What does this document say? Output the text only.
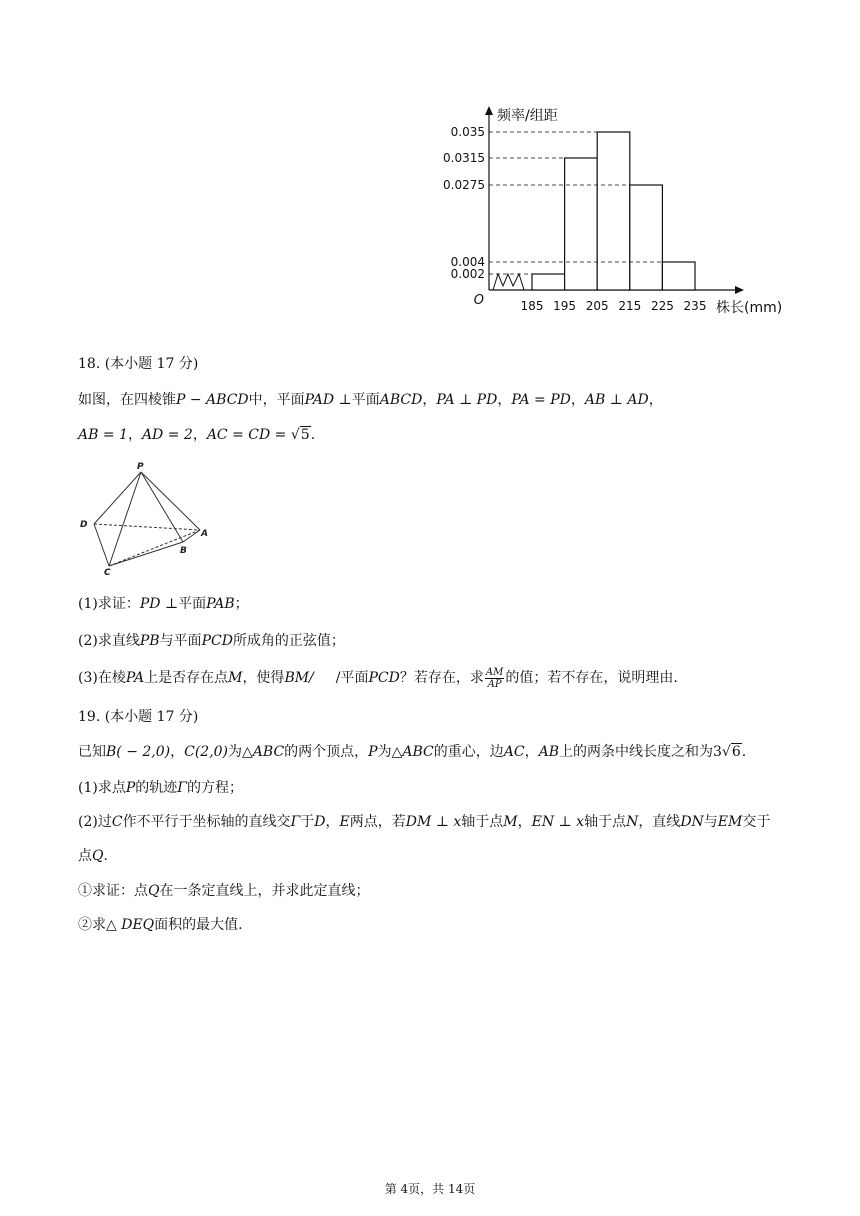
频率/组距
O	株长(mm)
0.035
0.0315
0.0275
0.004
0.002
185 195 205 215 225 235
18. (本小题 17 分)
如图，在四棱锥P − ABCD中，平面PAD ⊥平面ABCD，PA ⊥ PD，PA = PD，AB ⊥ AD，
AB = 1，AD = 2，AC = CD = √5.
P
D
A
B
C
(1)求证：PD ⊥平面PAB；
(2)求直线PB与平面PCD所成角的正弦值；
(3)在棱PA上是否存在点M，使得BM/ /平面PCD？若存在，求 $\frac{AM}{AP}$ 的值；若不存在，说明理由.
19. (本小题 17 分)
已知B( − 2,0)，C(2,0)为△ABC的两个顶点，P为△ABC的重心，边AC，AB上的两条中线长度之和为3√6.
(1)求点P的轨迹Γ的方程；
(2)过C作不平行于坐标轴的直线交Γ于D，E两点，若DM ⊥ x轴于点M，EN ⊥ x轴于点N，直线DN与EM交于
点Q.
①求证：点Q在一条定直线上，并求此定直线；
②求△ DEQ面积的最大值.
第 4页，共 14页
